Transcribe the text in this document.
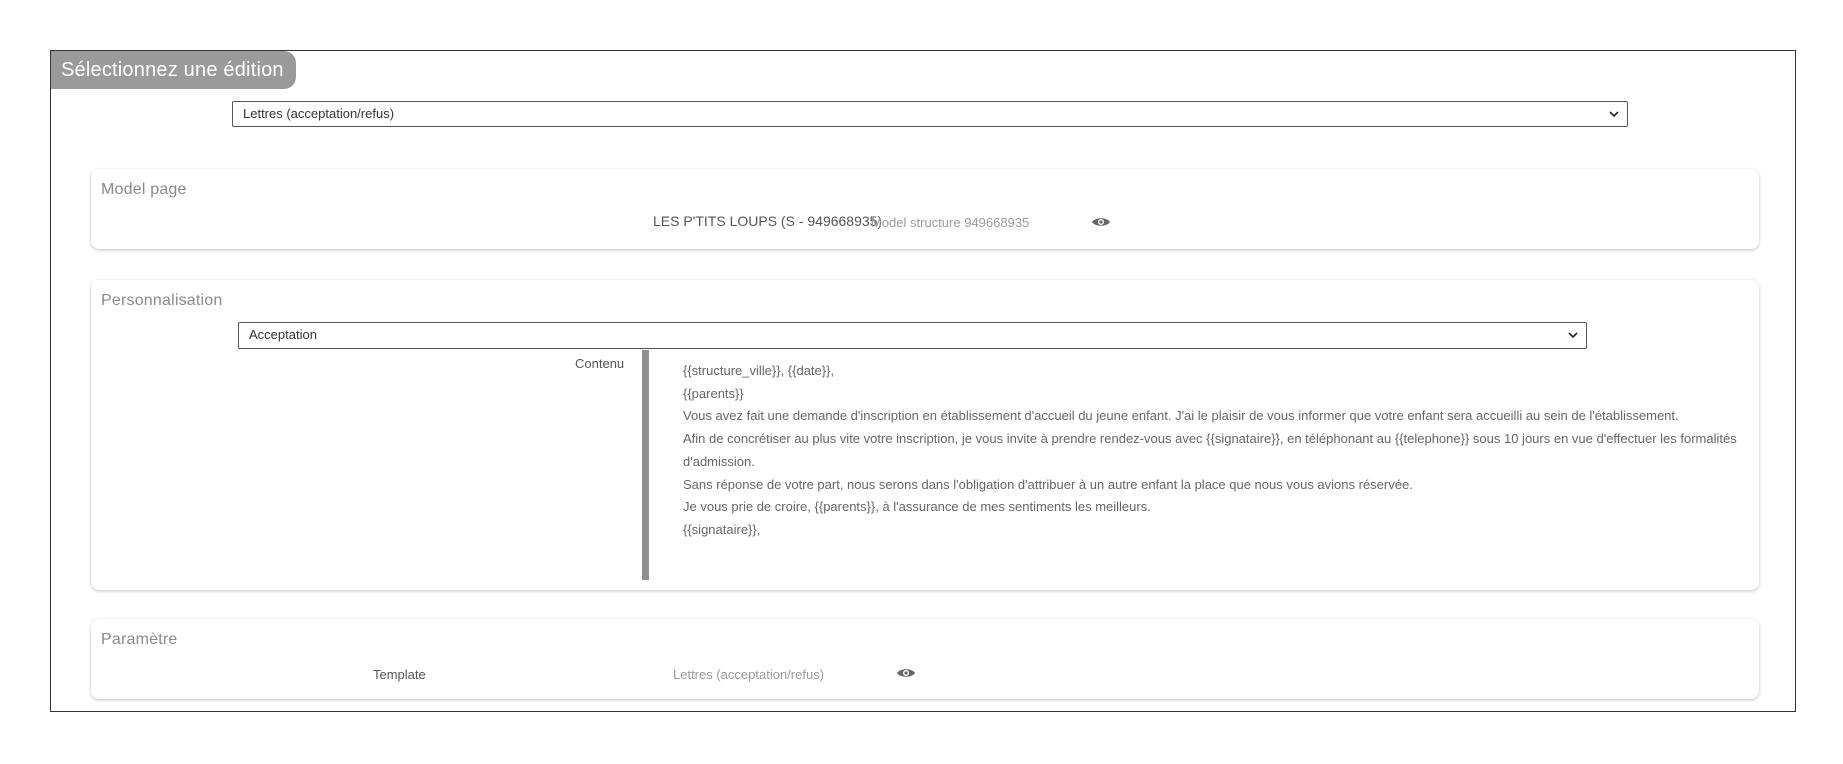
Sélectionnez une édition
Lettres (acceptation/refus)
Model page
LES P'TITS LOUPS (S - 949668935)
Model structure 949668935
Personnalisation
Acceptation
Contenu	{{structure_ville}}, {{date}},
{{parents}}
Vous avez fait une demande d'inscription en établissement d'accueil du jeune enfant. J'ai le plaisir de vous informer que votre enfant sera accueilli au sein de l'établissement.
Afin de concrétiser au plus vite votre inscription, je vous invite à prendre rendez-vous avec {{signataire}}, en téléphonant au {{telephone}} sous 10 jours en vue d'effectuer les formalités d'admission.
Sans réponse de votre part, nous serons dans l'obligation d'attribuer à un autre enfant la place que nous vous avions réservée.
Je vous prie de croire, {{parents}}, à l'assurance de mes sentiments les meilleurs.
{{signataire}},
Paramètre
Template	Lettres (acceptation/refus)
